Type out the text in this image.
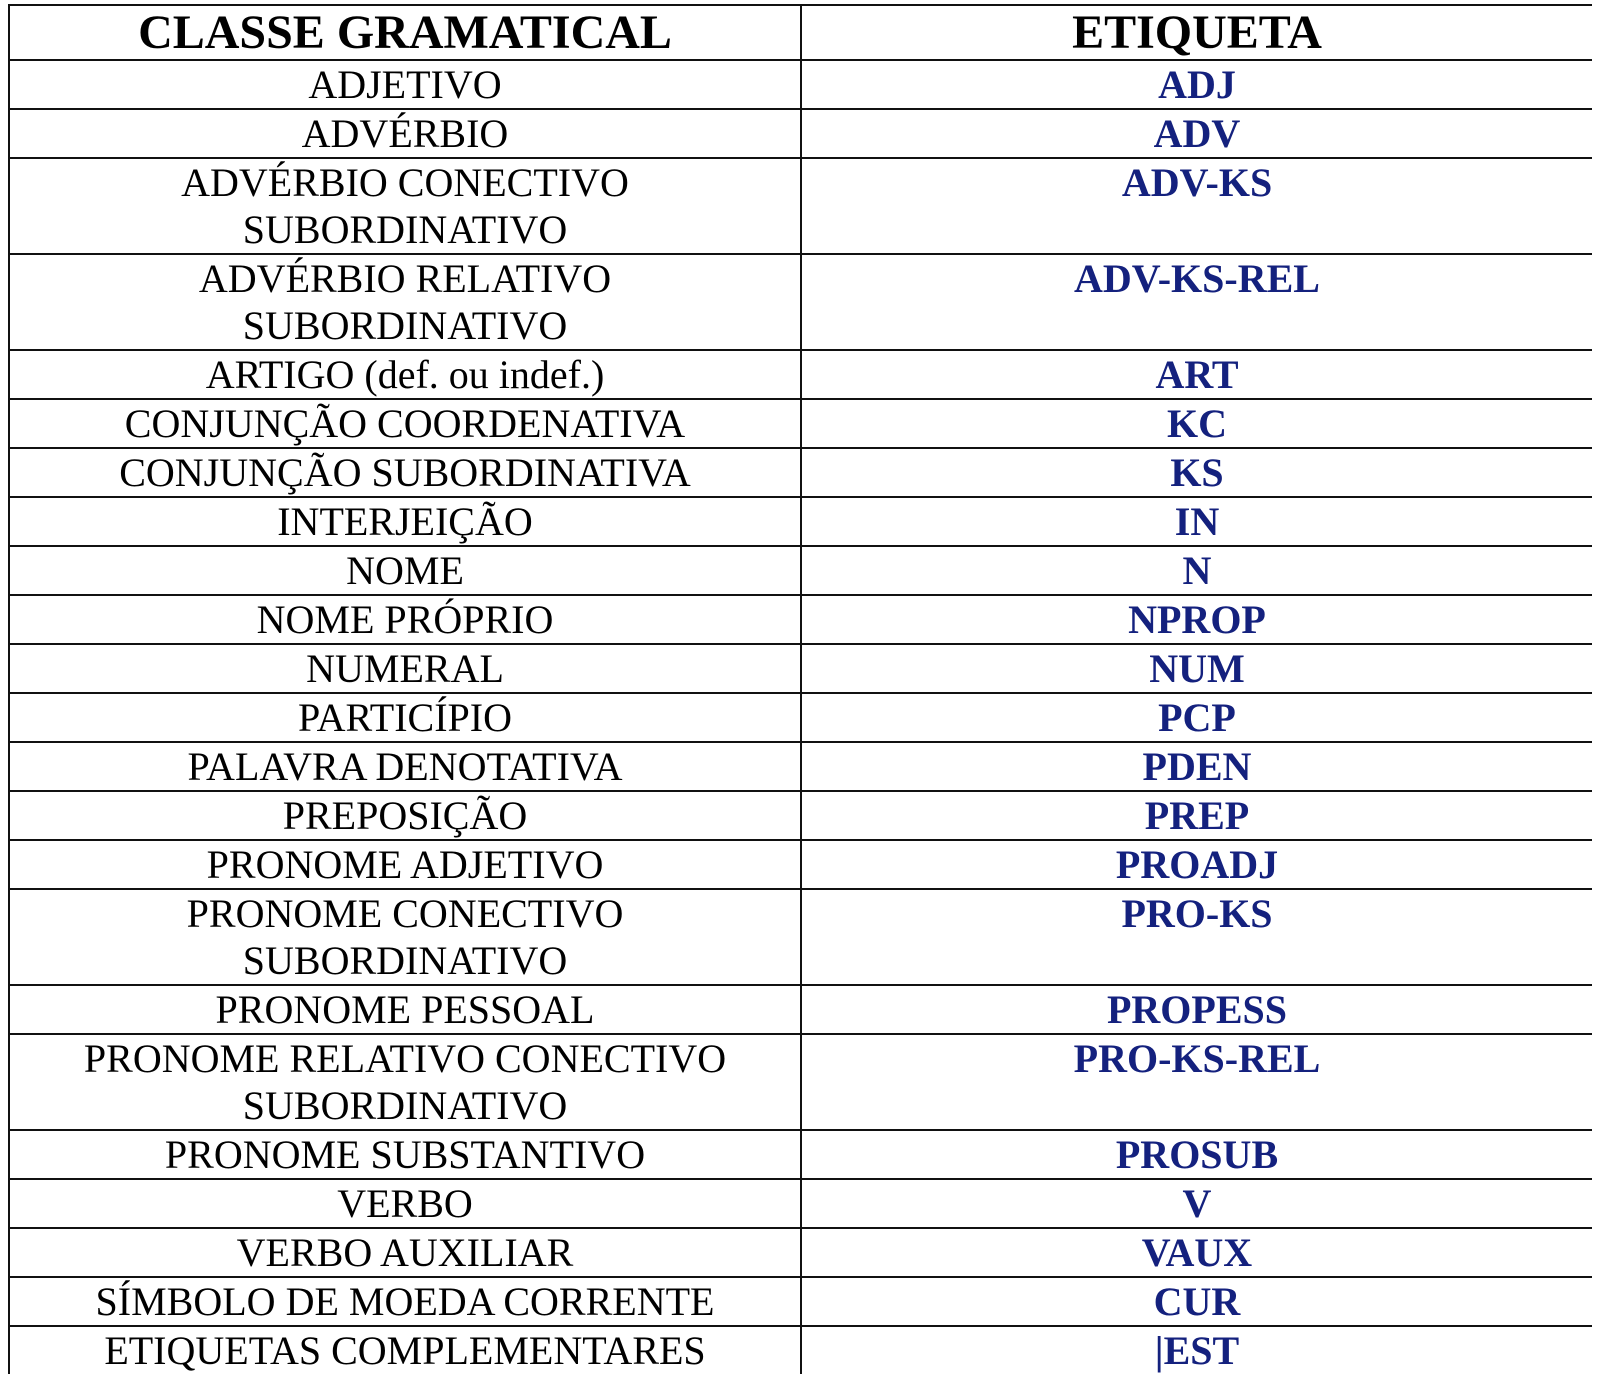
CLASSE GRAMATICAL	ETIQUETA

ADJETIVO	ADJ

ADVÉRBIO	ADV

ADVÉRBIO CONECTIVO
SUBORDINATIVO	ADV-KS

ADVÉRBIO RELATIVO
SUBORDINATIVO	ADV-KS-REL

ARTIGO (def. ou indef.)	ART

CONJUNÇÃO COORDENATIVA	KC

CONJUNÇÃO SUBORDINATIVA	KS

INTERJEIÇÃO	IN

NOME	N

NOME PRÓPRIO	NPROP

NUMERAL	NUM

PARTICÍPIO	PCP

PALAVRA DENOTATIVA	PDEN

PREPOSIÇÃO	PREP

PRONOME ADJETIVO	PROADJ

PRONOME CONECTIVO
SUBORDINATIVO	PRO-KS

PRONOME PESSOAL	PROPESS

PRONOME RELATIVO CONECTIVO
SUBORDINATIVO	PRO-KS-REL

PRONOME SUBSTANTIVO	PROSUB

VERBO	V

VERBO AUXILIAR	VAUX

SÍMBOLO DE MOEDA CORRENTE	CUR

ETIQUETAS COMPLEMENTARES	|EST
